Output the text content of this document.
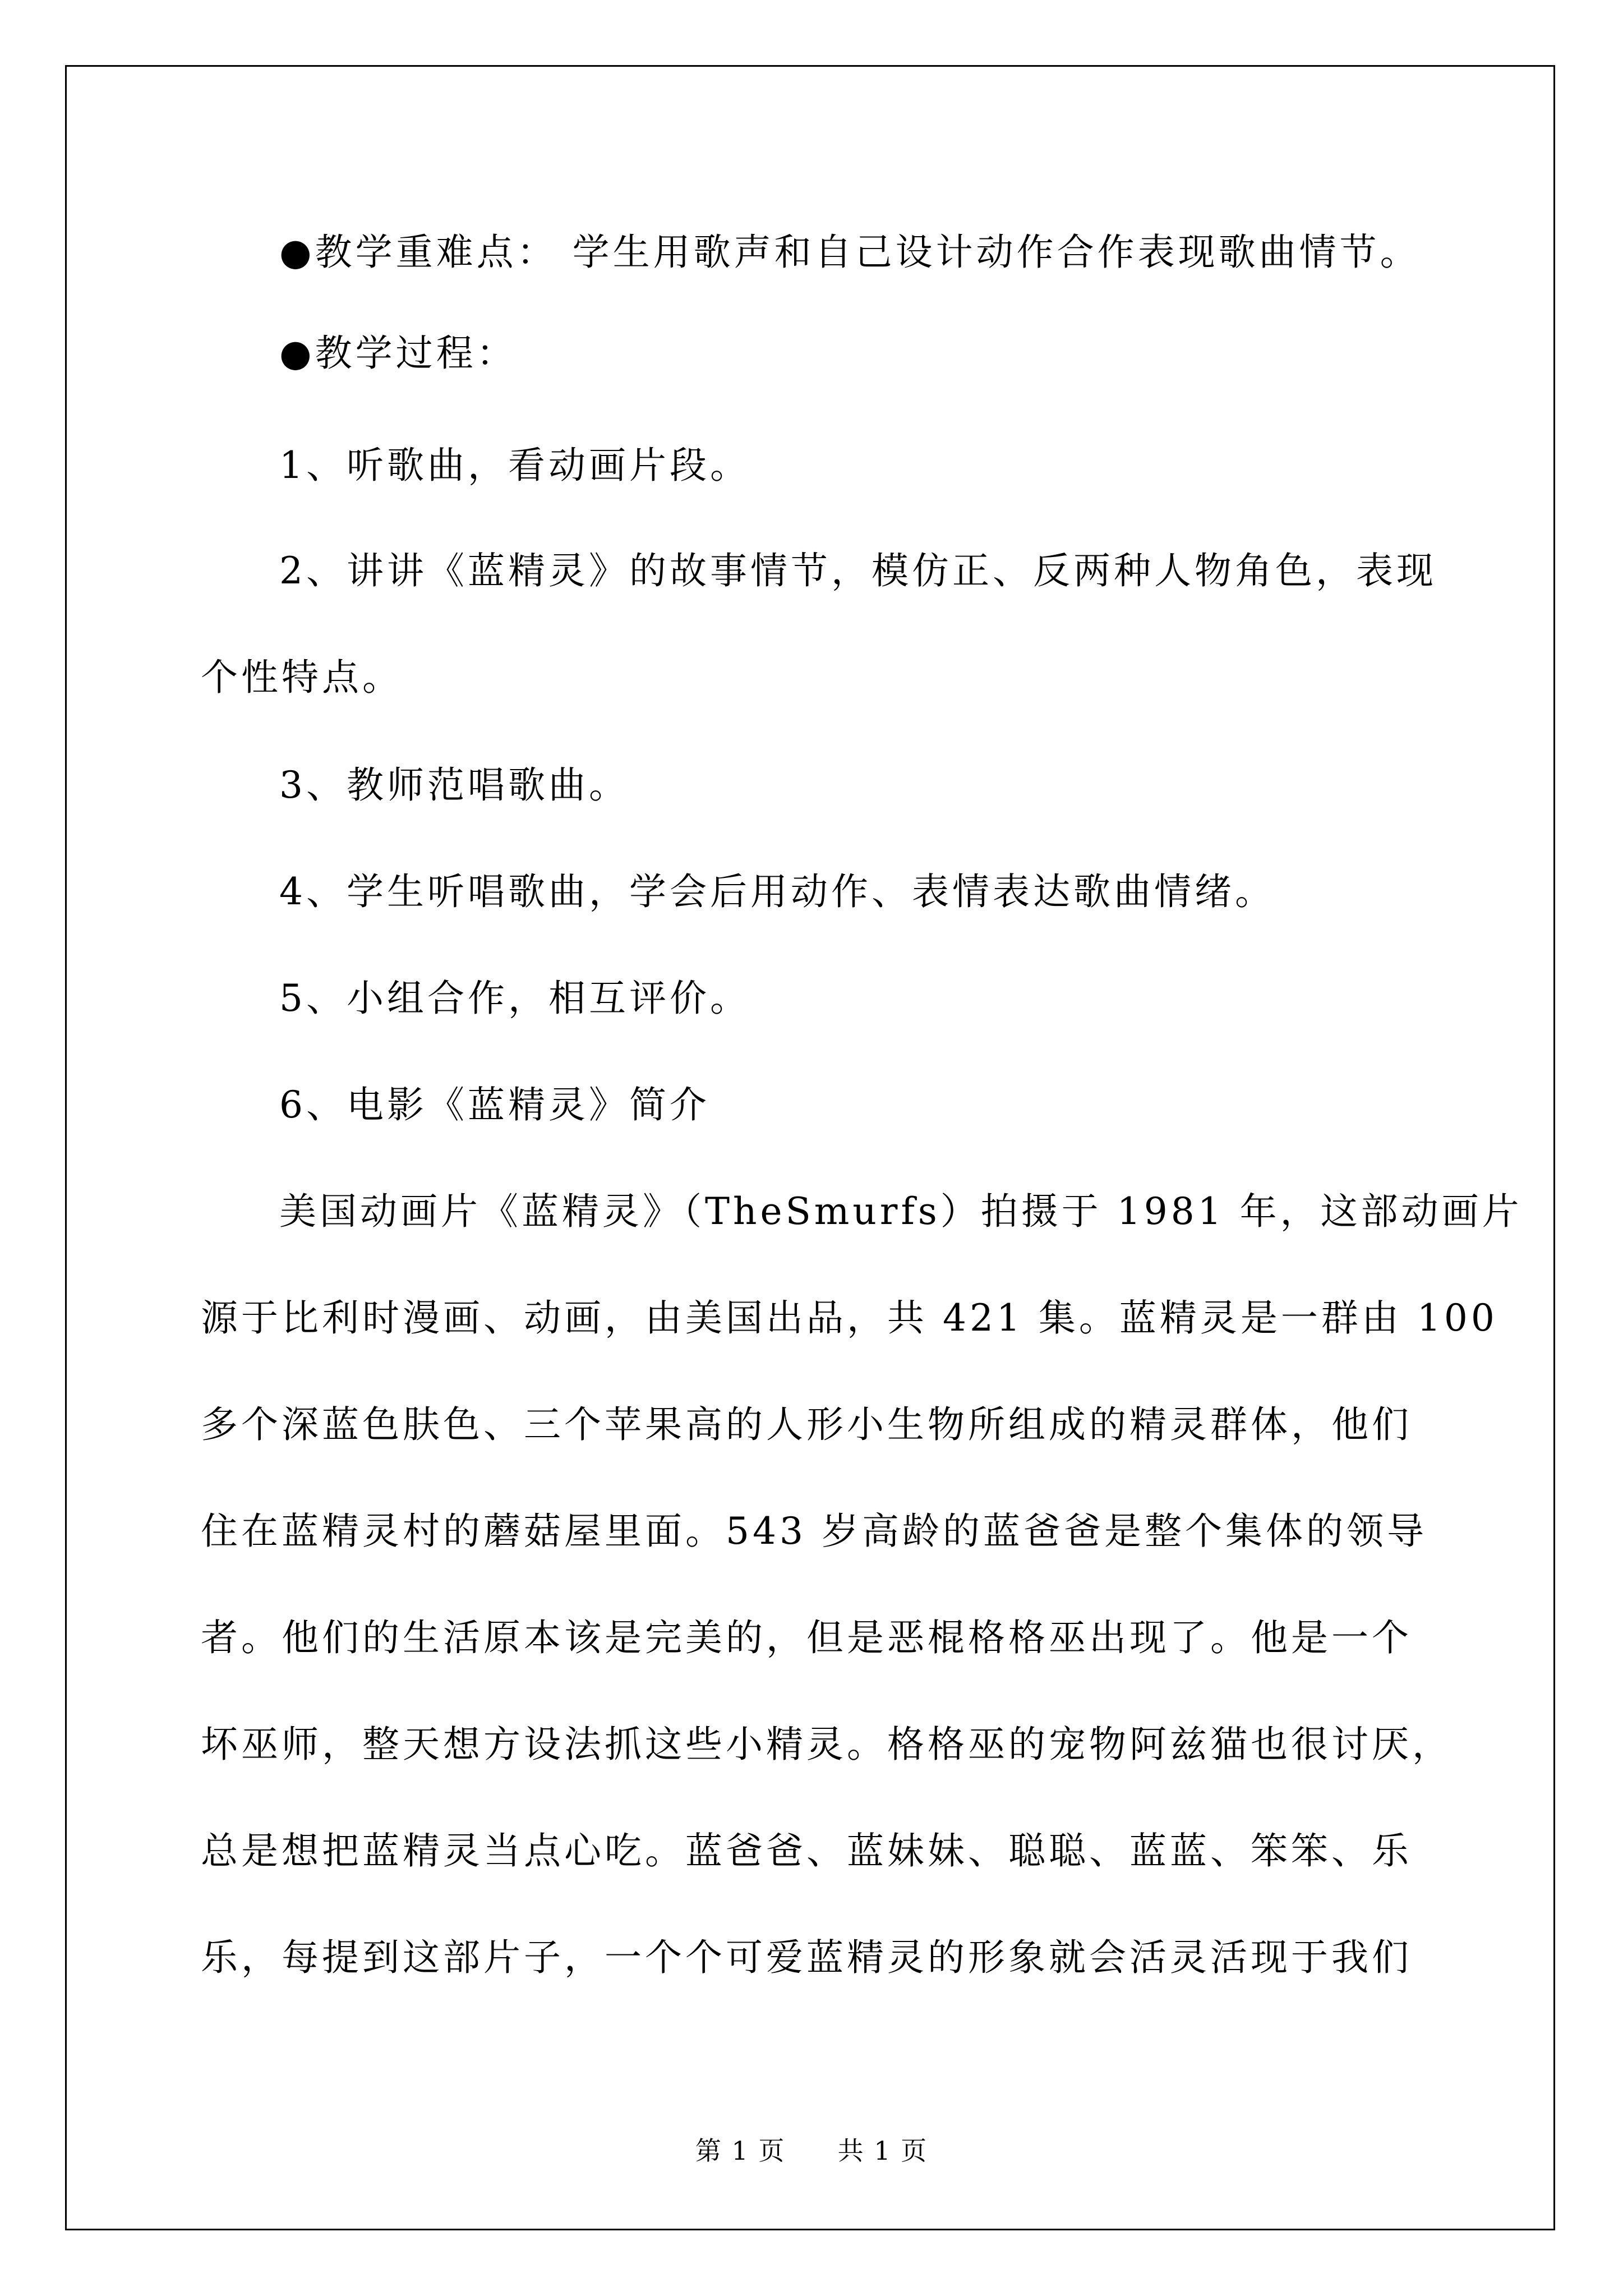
●教学重难点： 学生用歌声和自己设计动作合作表现歌曲情节。
●教学过程：
1、听歌曲，看动画片段。
2、讲讲《蓝精灵》的故事情节，模仿正、反两种人物角色，表现
个性特点。
3、教师范唱歌曲。
4、学生听唱歌曲，学会后用动作、表情表达歌曲情绪。
5、小组合作，相互评价。
6、电影《蓝精灵》简介
美国动画片《蓝精灵》（TheSmurfs）拍摄于 1981 年，这部动画片
源于比利时漫画、动画，由美国出品，共 421 集。蓝精灵是一群由 100
多个深蓝色肤色、三个苹果高的人形小生物所组成的精灵群体，他们
住在蓝精灵村的蘑菇屋里面。543 岁高龄的蓝爸爸是整个集体的领导
者。他们的生活原本该是完美的，但是恶棍格格巫出现了。他是一个
坏巫师，整天想方设法抓这些小精灵。格格巫的宠物阿兹猫也很讨厌，
总是想把蓝精灵当点心吃。蓝爸爸、蓝妹妹、聪聪、蓝蓝、笨笨、乐
乐，每提到这部片子，一个个可爱蓝精灵的形象就会活灵活现于我们
第 1 页 共 1 页
